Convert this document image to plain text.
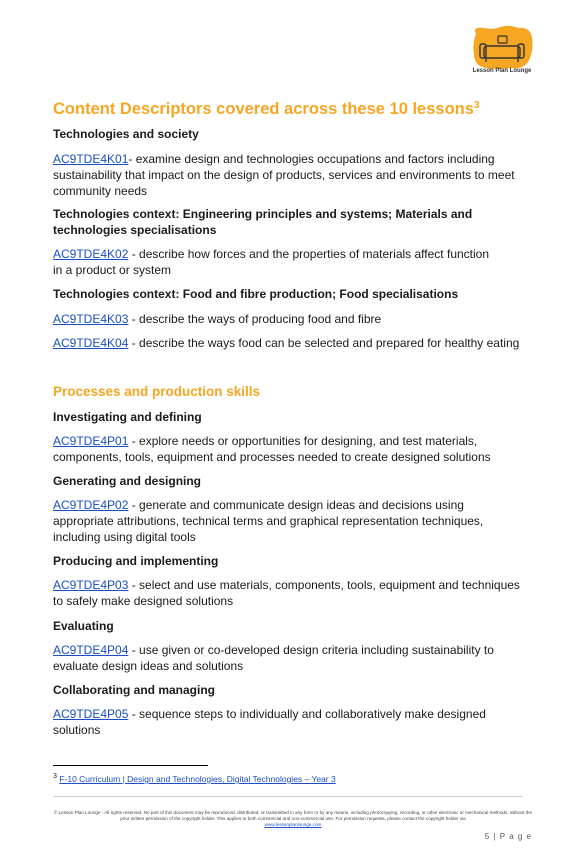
Lesson Plan Lounge
Content Descriptors covered across these 10 lessons$^3$
Technologies and society

AC9TDE4K01- examine design and technologies occupations and factors including sustainability that impact on the design of products, services and environments to meet community needs

Technologies context: Engineering principles and systems; Materials and technologies specialisations

AC9TDE4K02 - describe how forces and the properties of materials affect function in a product or system

Technologies context: Food and fibre production; Food specialisations

AC9TDE4K03 - describe the ways of producing food and fibre

AC9TDE4K04 - describe the ways food can be selected and prepared for healthy eating

Processes and production skills
Investigating and defining

AC9TDE4P01 - explore needs or opportunities for designing, and test materials, components, tools, equipment and processes needed to create designed solutions

Generating and designing

AC9TDE4P02 - generate and communicate design ideas and decisions using appropriate attributions, technical terms and graphical representation techniques, including using digital tools

Producing and implementing

AC9TDE4P03 - select and use materials, components, tools, equipment and techniques to safely make designed solutions

Evaluating

AC9TDE4P04 - use given or co-developed design criteria including sustainability to evaluate design ideas and solutions

Collaborating and managing

AC9TDE4P05 - sequence steps to individually and collaboratively make designed solutions

$^3$ F-10 Curriculum | Design and Technologies, Digital Technologies – Year 3
© Lesson Plan Lounge - All rights reserved. No part of this document may be reproduced, distributed, or transmitted in any form or by any means, including photocopying, recording, or other electronic or mechanical methods, without the prior written permission of the copyright holder. This applies to both commercial and non-commercial use. For permission requests, please contact the copyright holder via
www.lessonplanlounge.com
5 | P a g e
